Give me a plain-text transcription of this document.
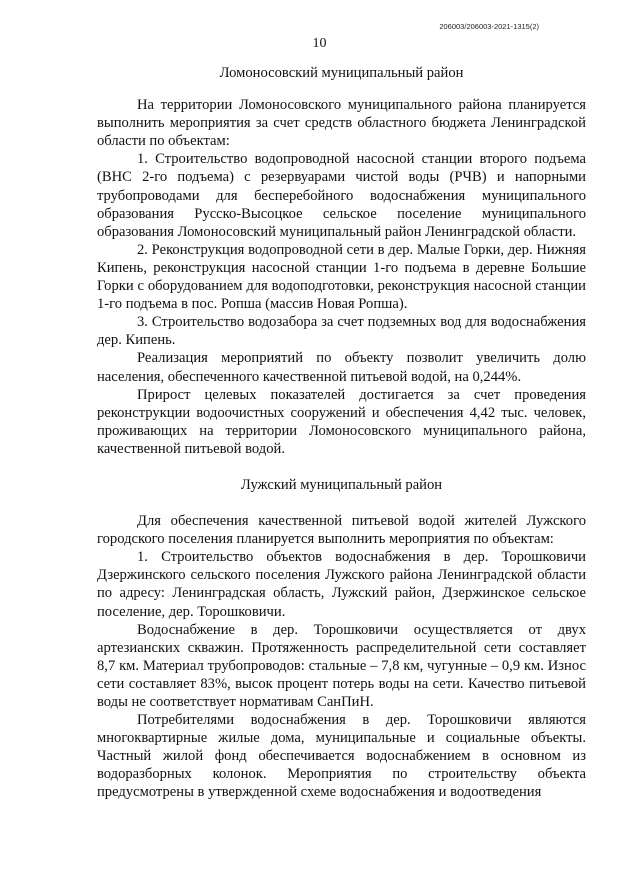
206003/206003-2021-1315(2)
10
Ломоносовский муниципальный район

На территории Ломоносовского муниципального района планируется выполнить мероприятия за счет средств областного бюджета Ленинградской области по объектам:

1. Строительство водопроводной насосной станции второго подъема (ВНС 2-го подъема) с резервуарами чистой воды (РЧВ) и напорными трубопроводами для бесперебойного водоснабжения муниципального образования Русско-Высоцкое сельское поселение муниципального образования Ломоносовский муниципальный район Ленинградской области.

2. Реконструкция водопроводной сети в дер. Малые Горки, дер. Нижняя Кипень, реконструкция насосной станции 1-го подъема в деревне Большие Горки с оборудованием для водоподготовки, реконструкция насосной станции 1-го подъема в пос. Ропша (массив Новая Ропша).

3. Строительство водозабора за счет подземных вод для водоснабжения дер. Кипень.

Реализация мероприятий по объекту позволит увеличить долю населения, обеспеченного качественной питьевой водой, на 0,244%.

Прирост целевых показателей достигается за счет проведения реконструкции водоочистных сооружений и обеспечения 4,42 тыс. человек, проживающих на территории Ломоносовского муниципального района, качественной питьевой водой.

Лужский муниципальный район

Для обеспечения качественной питьевой водой жителей Лужского городского поселения планируется выполнить мероприятия по объектам:

1. Строительство объектов водоснабжения в дер. Торошковичи Дзержинского сельского поселения Лужского района Ленинградской области по адресу: Ленинградская область, Лужский район, Дзержинское сельское поселение, дер. Торошковичи.

Водоснабжение в дер. Торошковичи осуществляется от двух артезианских скважин. Протяженность распределительной сети составляет 8,7 км. Материал трубопроводов: стальные – 7,8 км, чугунные – 0,9 км. Износ сети составляет 83%, высок процент потерь воды на сети. Качество питьевой воды не соответствует нормативам СанПиН.

Потребителями водоснабжения в дер. Торошковичи являются многоквартирные жилые дома, муниципальные и социальные объекты. Частный жилой фонд обеспечивается водоснабжением в основном из водоразборных колонок. Мероприятия по строительству объекта предусмотрены в утвержденной схеме водоснабжения и водоотведения
